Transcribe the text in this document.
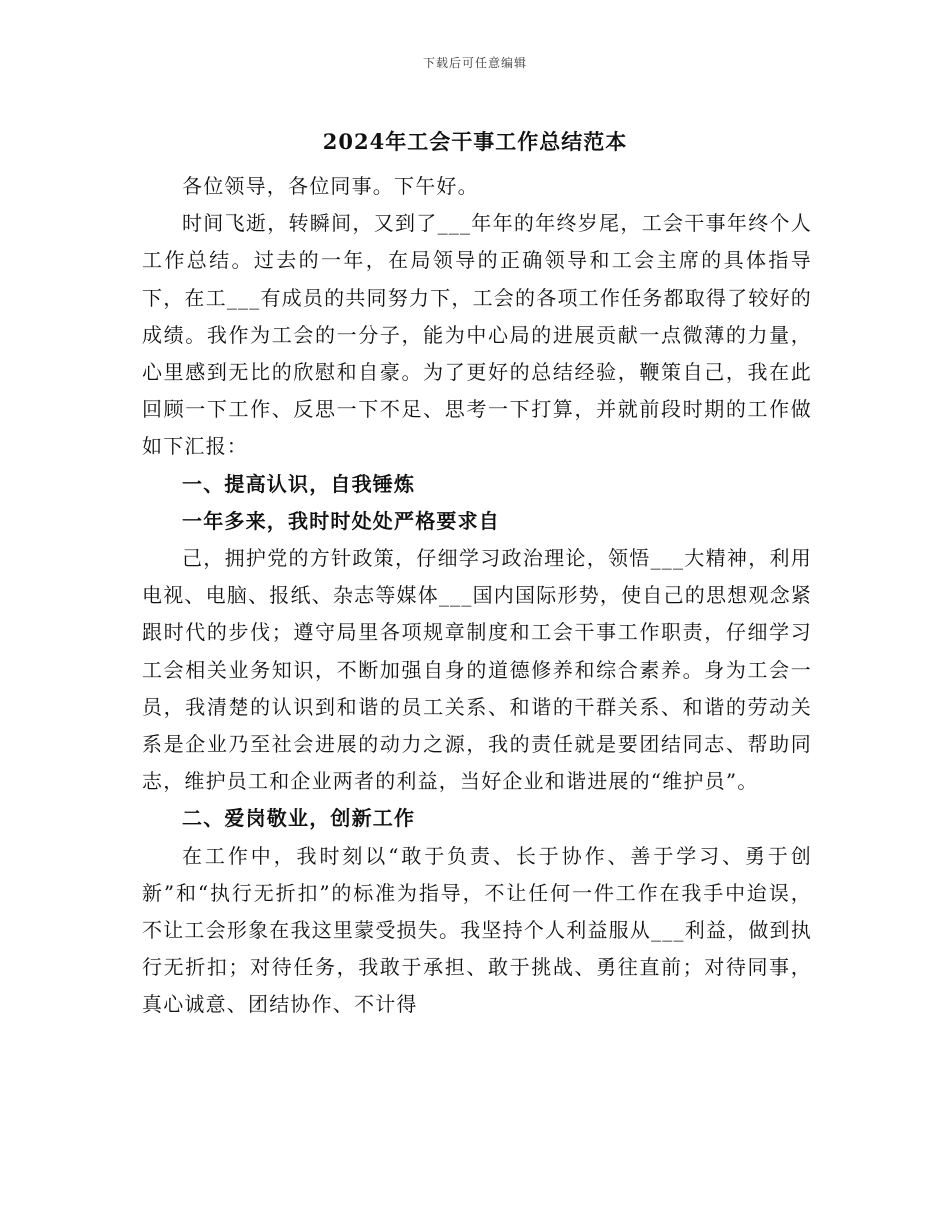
下载后可任意编辑
2024年工会干事工作总结范本

各位领导，各位同事。下午好。

时间飞逝，转瞬间，又到了___年年的年终岁尾，工会干事年终个人工作总结。过去的一年，在局领导的正确领导和工会主席的具体指导下，在工___有成员的共同努力下，工会的各项工作任务都取得了较好的成绩。我作为工会的一分子，能为中心局的进展贡献一点微薄的力量，心里感到无比的欣慰和自豪。为了更好的总结经验，鞭策自己，我在此回顾一下工作、反思一下不足、思考一下打算，并就前段时期的工作做如下汇报：

一、提高认识，自我锤炼

一年多来，我时时处处严格要求自

己，拥护党的方针政策，仔细学习政治理论，领悟___大精神，利用电视、电脑、报纸、杂志等媒体___国内国际形势，使自己的思想观念紧跟时代的步伐；遵守局里各项规章制度和工会干事工作职责，仔细学习工会相关业务知识，不断加强自身的道德修养和综合素养。身为工会一员，我清楚的认识到和谐的员工关系、和谐的干群关系、和谐的劳动关系是企业乃至社会进展的动力之源，我的责任就是要团结同志、帮助同志，维护员工和企业两者的利益，当好企业和谐进展的“维护员”。

二、爱岗敬业，创新工作

在工作中，我时刻以“敢于负责、长于协作、善于学习、勇于创新”和“执行无折扣”的标准为指导，不让任何一件工作在我手中迨误，不让工会形象在我这里蒙受损失。我坚持个人利益服从___利益，做到执行无折扣；对待任务，我敢于承担、敢于挑战、勇往直前；对待同事，真心诚意、团结协作、不计得
